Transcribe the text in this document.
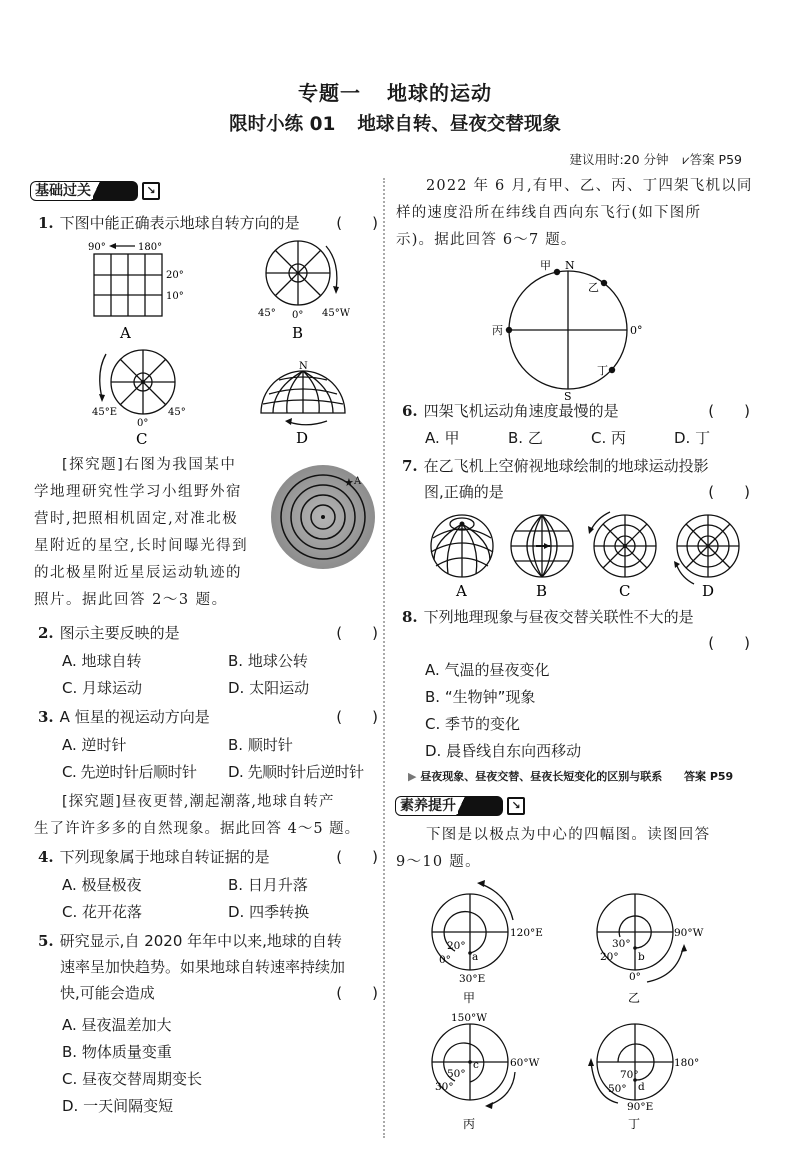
专题一 地球的运动
限时小练 01 地球自转、昼夜交替现象
建议用时:20 分钟 ⩗答案 P59
基础过关	↘
1. 下图中能正确表示地球自转方向的是 (　　)
90°	180°
20°
10°
A
45° 0° 45°W
B
45°E
0°
45°
C
N
D
[探究题]右图为我国某中
学地理研究性学习小组野外宿
营时,把照相机固定,对准北极
星附近的星空,长时间曝光得到
的北极星附近星辰运动轨迹的
照片。据此回答 2～3 题。
★ A
2. 图示主要反映的是	(　　)
A. 地球自转	B. 地球公转
C. 月球运动	D. 太阳运动
3. A 恒星的视运动方向是	(　　)
A. 逆时针	B. 顺时针
C. 先逆时针后顺时针 D. 先顺时针后逆时针
[探究题]昼夜更替,潮起潮落,地球自转产
生了许许多多的自然现象。据此回答 4～5 题。
4. 下列现象属于地球自转证据的是	(　　)
A. 极昼极夜	B. 日月升落
C. 花开花落	D. 四季转换
5. 研究显示,自 2020 年年中以来,地球的自转
速率呈加快趋势。如果地球自转速率持续加
快,可能会造成	(　　)
A. 昼夜温差加大
B. 物体质量变重
C. 昼夜交替周期变长
D. 一天间隔变短
2022 年 6 月,有甲、乙、丙、丁四架飞机以同
样的速度沿所在纬线自西向东飞行(如下图所
示)。据此回答 6～7 题。
N
S
0°
甲
乙
丙
丁
6. 四架飞机运动角速度最慢的是	(　　)
A. 甲	B. 乙	C. 丙	D. 丁
7. 在乙飞机上空俯视地球绘制的地球运动投影
图,正确的是	(　　)
A	B	C	D
8. 下列地理现象与昼夜交替关联性不大的是
(　　)
A. 气温的昼夜变化
B. “生物钟”现象
C. 季节的变化
D. 晨昏线自东向西移动
▶ 昼夜现象、昼夜交替、昼夜长短变化的区别与联系 答案 P59
素养提升	↘
下图是以极点为中心的四幅图。读图回答
9～10 题。
120°E
30°E
20°
0° a
甲
90°W
0°
30°
20° b
乙
150°W
60°W
50°
30°
c
丙
180°
90°E
70°
50° d
丁
